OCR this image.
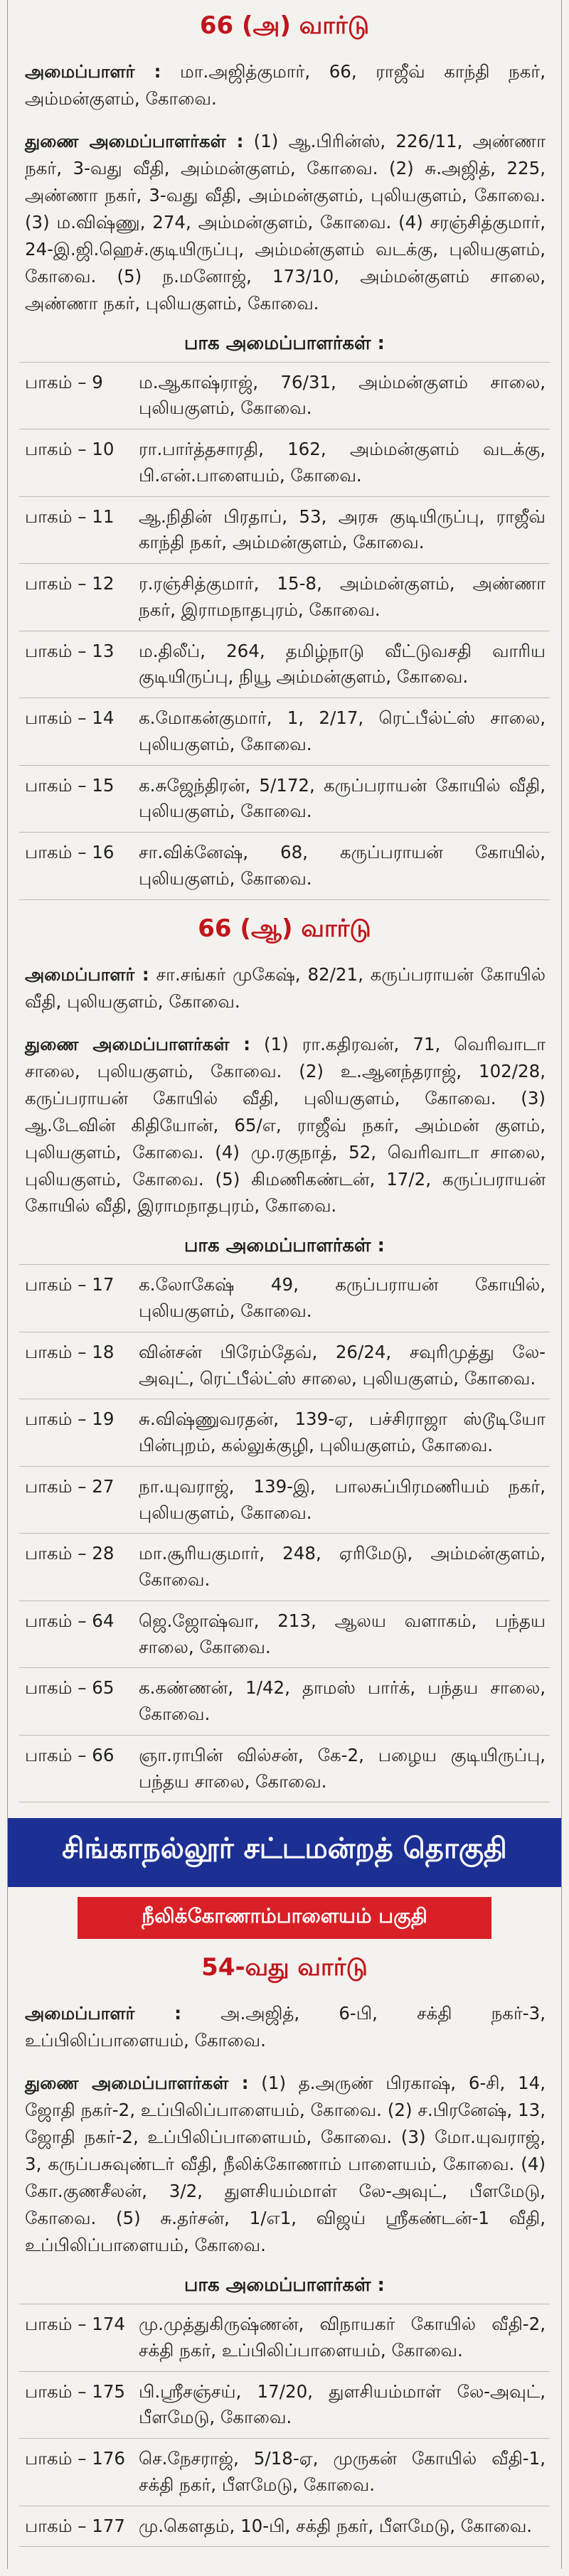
66 (அ) வார்டு

அமைப்பாளர் : மா.அஜித்குமார், 66, ராஜீவ் காந்தி நகர், அம்மன்குளம், கோவை.

துணை அமைப்பாளர்கள் : (1) ஆ.பிரின்ஸ், 226/11, அண்ணா நகர், 3-வது வீதி, அம்மன்குளம், கோவை. (2) சு.அஜித், 225, அண்ணா நகர், 3-வது வீதி, அம்மன்குளம், புலியகுளம், கோவை. (3) ம.விஷ்ணு, 274, அம்மன்குளம், கோவை. (4) சரஞ்சித்குமார், 24-இ.ஜி.ஹெச்.குடியிருப்பு, அம்மன்குளம் வடக்கு, புலியகுளம், கோவை. (5) ந.மனோஜ், 173/10, அம்மன்குளம் சாலை, அண்ணா நகர், புலியகுளம், கோவை.

பாக அமைப்பாளர்கள் :
பாகம் – 9	ம.ஆகாஷ்ராஜ், 76/31, அம்மன்குளம் சாலை, புலியகுளம், கோவை.
பாகம் – 10	ரா.பார்த்தசாரதி, 162, அம்மன்குளம் வடக்கு, பி.என்.பாளையம், கோவை.
பாகம் – 11	ஆ.நிதின் பிரதாப், 53, அரசு குடியிருப்பு, ராஜீவ் காந்தி நகர், அம்மன்குளம், கோவை.
பாகம் – 12	ர.ரஞ்சித்குமார், 15-8, அம்மன்குளம், அண்ணா நகர், இராமநாதபுரம், கோவை.
பாகம் – 13	ம.திலீப், 264, தமிழ்நாடு வீட்டுவசதி வாரிய குடியிருப்பு, நியூ அம்மன்குளம், கோவை.
பாகம் – 14	க.மோகன்குமார், 1, 2/17, ரெட்பீல்ட்ஸ் சாலை, புலியகுளம், கோவை.
பாகம் – 15	க.சுஜேந்திரன், 5/172, கருப்பராயன் கோயில் வீதி, புலியகுளம், கோவை.
பாகம் – 16	சா.விக்னேஷ், 68, கருப்பராயன் கோயில், புலியகுளம், கோவை.
66 (ஆ) வார்டு

அமைப்பாளர் : சா.சங்கர் முகேஷ், 82/21, கருப்பராயன் கோயில் வீதி, புலியகுளம், கோவை.

துணை அமைப்பாளர்கள் : (1) ரா.கதிரவன், 71, வெரிவாடா சாலை, புலியகுளம், கோவை. (2) உ.ஆனந்தராஜ், 102/28, கருப்பராயன் கோயில் வீதி, புலியகுளம், கோவை. (3) ஆ.டேவின் கிதியோன், 65/எ, ராஜீவ் நகர், அம்மன் குளம், புலியகுளம், கோவை. (4) மு.ரகுநாத், 52, வெரிவாடா சாலை, புலியகுளம், கோவை. (5) கிமணிகண்டன், 17/2, கருப்பராயன் கோயில் வீதி, இராமநாதபுரம், கோவை.

பாக அமைப்பாளர்கள் :
பாகம் – 17	க.லோகேஷ் 49, கருப்பராயன் கோயில், புலியகுளம், கோவை.
பாகம் – 18	வின்சன் பிரேம்தேவ், 26/24, சவுரிமுத்து லே-அவுட், ரெட்பீல்ட்ஸ் சாலை, புலியகுளம், கோவை.
பாகம் – 19	சு.விஷ்ணுவரதன், 139-ஏ, பச்சிராஜா ஸ்டூடியோ பின்புறம், கல்லுக்குழி, புலியகுளம், கோவை.
பாகம் – 27	நா.யுவராஜ், 139-இ, பாலசுப்பிரமணியம் நகர், புலியகுளம், கோவை.
பாகம் – 28	மா.சூரியகுமார், 248, ஏரிமேடு, அம்மன்குளம், கோவை.
பாகம் – 64	ஜெ.ஜோஷ்வா, 213, ஆலய வளாகம், பந்தய சாலை, கோவை.
பாகம் – 65	க.கண்ணன், 1/42, தாமஸ் பார்க், பந்தய சாலை, கோவை.
பாகம் – 66	ஞா.ராபின் வில்சன், கே-2, பழைய குடியிருப்பு, பந்தய சாலை, கோவை.
சிங்காநல்லூர் சட்டமன்றத் தொகுதி
நீலிக்கோணாம்பாளையம் பகுதி
54-வது வார்டு

அமைப்பாளர் : அ.அஜித், 6-பி, சக்தி நகர்-3, உப்பிலிப்பாளையம், கோவை.

துணை அமைப்பாளர்கள் : (1) த.அருண் பிரகாஷ், 6-சி, 14, ஜோதி நகர்-2, உப்பிலிப்பாளையம், கோவை. (2) ச.பிரனேஷ், 13, ஜோதி நகர்-2, உப்பிலிப்பாளையம், கோவை. (3) மோ.யுவராஜ், 3, கருப்பசுவுண்டர் வீதி, நீலிக்கோணாம் பாளையம், கோவை. (4) கோ.குணசீலன், 3/2, துளசியம்மாள் லே-அவுட், பீளமேடு, கோவை. (5) சு.தர்சன், 1/எ1, விஜய் ஸ்ரீகண்டன்-1 வீதி, உப்பிலிப்பாளையம், கோவை.

பாக அமைப்பாளர்கள் :
பாகம் – 174 மு.முத்துகிருஷ்ணன், விநாயகர் கோயில் வீதி-2, சக்தி நகர், உப்பிலிப்பாளையம், கோவை.
பாகம் – 175 பி.ஸ்ரீசஞ்சய், 17/20, துளசியம்மாள் லே-அவுட், பீளமேடு, கோவை.
பாகம் – 176 செ.நேசராஜ், 5/18-ஏ, முருகன் கோயில் வீதி-1, சக்தி நகர், பீளமேடு, கோவை.
பாகம் – 177 மு.கௌதம், 10-பி, சக்தி நகர், பீளமேடு, கோவை.
